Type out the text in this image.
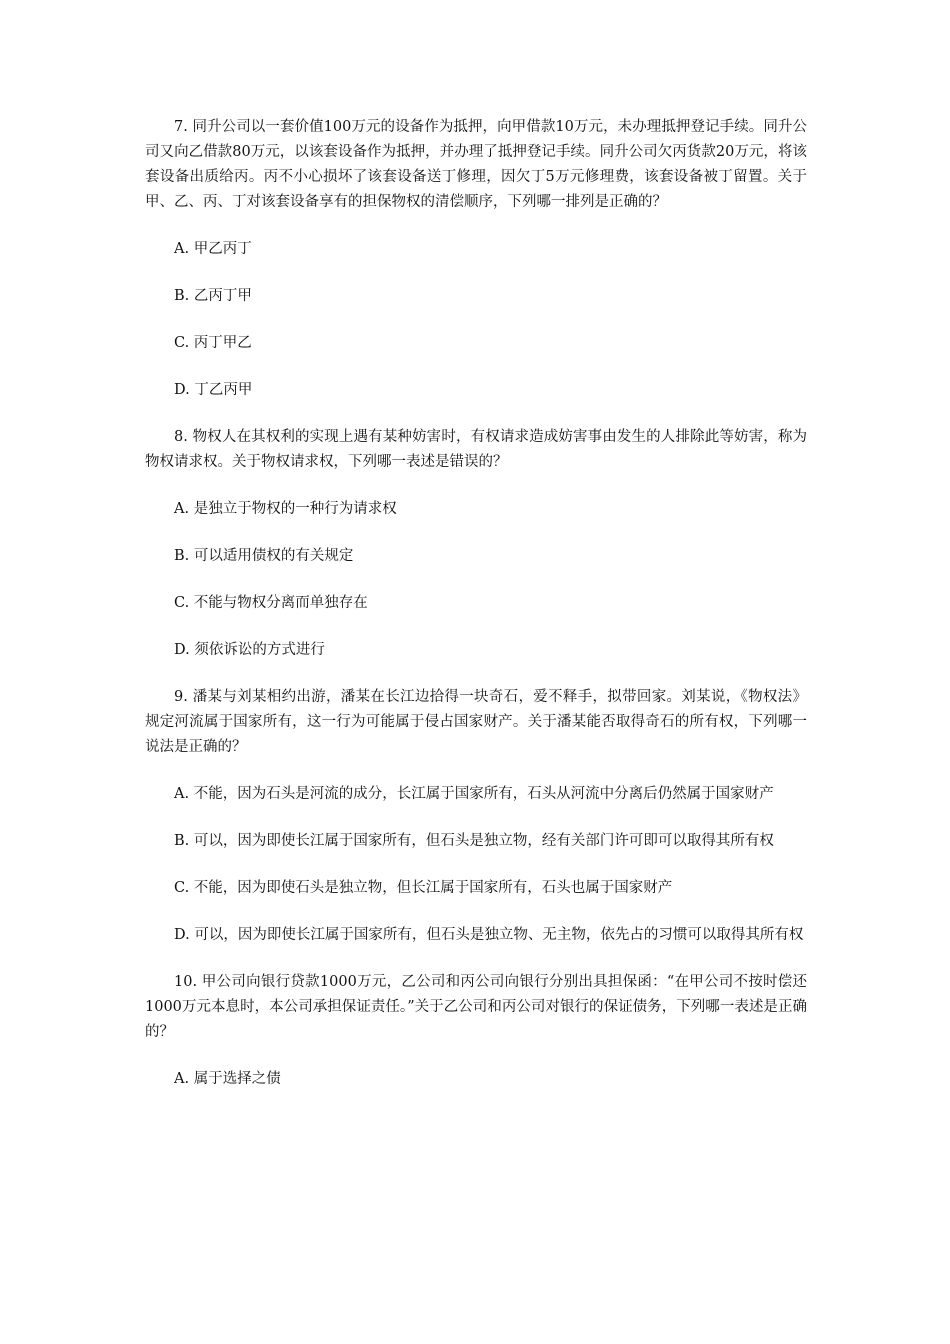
7. 同升公司以一套价值100万元的设备作为抵押，向甲借款10万元，未办理抵押登记手续。同升公司又向乙借款80万元，以该套设备作为抵押，并办理了抵押登记手续。同升公司欠丙货款20万元，将该套设备出质给丙。丙不小心损坏了该套设备送丁修理，因欠丁5万元修理费，该套设备被丁留置。关于甲、乙、丙、丁对该套设备享有的担保物权的清偿顺序，下列哪一排列是正确的？

A. 甲乙丙丁

B. 乙丙丁甲

C. 丙丁甲乙

D. 丁乙丙甲

8. 物权人在其权利的实现上遇有某种妨害时，有权请求造成妨害事由发生的人排除此等妨害，称为物权请求权。关于物权请求权，下列哪一表述是错误的？

A. 是独立于物权的一种行为请求权

B. 可以适用债权的有关规定

C. 不能与物权分离而单独存在

D. 须依诉讼的方式进行

9. 潘某与刘某相约出游，潘某在长江边拾得一块奇石，爱不释手，拟带回家。刘某说，《物权法》规定河流属于国家所有，这一行为可能属于侵占国家财产。关于潘某能否取得奇石的所有权，下列哪一说法是正确的？

A. 不能，因为石头是河流的成分，长江属于国家所有，石头从河流中分离后仍然属于国家财产

B. 可以，因为即使长江属于国家所有，但石头是独立物，经有关部门许可即可以取得其所有权

C. 不能，因为即使石头是独立物，但长江属于国家所有，石头也属于国家财产

D. 可以，因为即使长江属于国家所有，但石头是独立物、无主物，依先占的习惯可以取得其所有权

10. 甲公司向银行贷款1000万元，乙公司和丙公司向银行分别出具担保函：“在甲公司不按时偿还1000万元本息时，本公司承担保证责任。”关于乙公司和丙公司对银行的保证债务，下列哪一表述是正确的？

A. 属于选择之债
